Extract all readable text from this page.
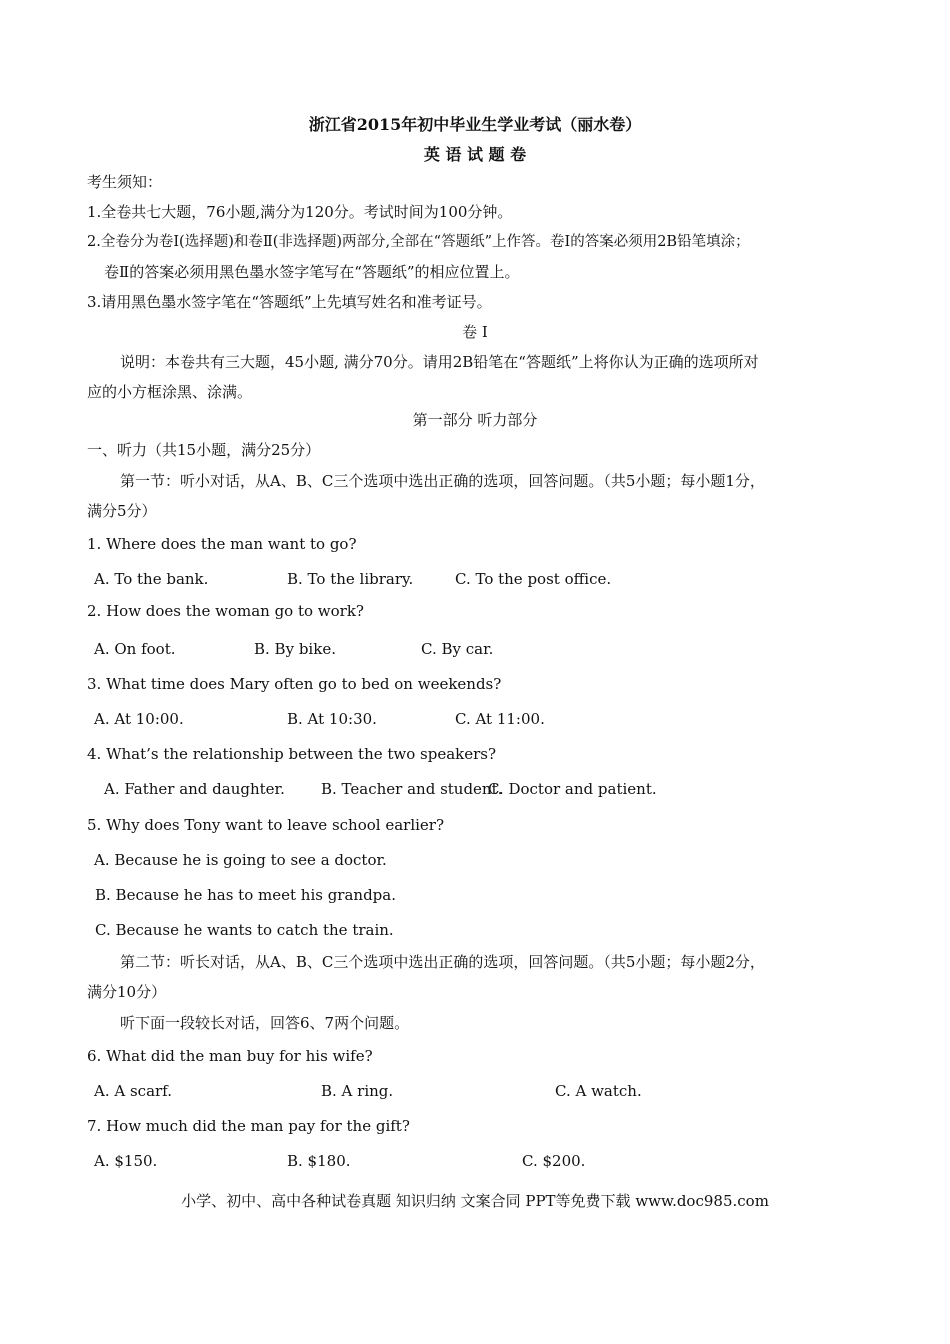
浙江省2015年初中毕业生学业考试（丽水卷）
英 语 试 题 卷
考生须知：
1.全卷共七大题，76小题,满分为120分。考试时间为100分钟。
2.全卷分为卷I(选择题)和卷Ⅱ(非选择题)两部分,全部在“答题纸”上作答。卷I的答案必须用2B铅笔填涂；
卷Ⅱ的答案必须用黑色墨水签字笔写在“答题纸”的相应位置上。
3.请用黑色墨水签字笔在“答题纸”上先填写姓名和准考证号。
卷 Ⅰ
说明：本卷共有三大题，45小题, 满分70分。请用2B铅笔在“答题纸”上将你认为正确的选项所对
应的小方框涂黑、涂满。
第一部分 听力部分
一、听力（共15小题，满分25分）
第一节：听小对话，从A、B、C三个选项中选出正确的选项，回答问题。（共5小题；每小题1分，
满分5分）
1. Where does the man want to go?
A. To the bank.	B. To the library.	C. To the post office.
2. How does the woman go to work?
A. On foot.	B. By bike.	C. By car.
3. What time does Mary often go to bed on weekends?
A. At 10:00.	B. At 10:30.	C. At 11:00.
4. What’s the relationship between the two speakers?
A. Father and daughter. B. Teacher and student.
C. Doctor and patient.
5. Why does Tony want to leave school earlier?
A. Because he is going to see a doctor.
B. Because he has to meet his grandpa.
C. Because he wants to catch the train.
第二节：听长对话，从A、B、C三个选项中选出正确的选项，回答问题。（共5小题；每小题2分，
满分10分）
听下面一段较长对话，回答6、7两个问题。
6. What did the man buy for his wife?
A. A scarf.	B. A ring.	C. A watch.
7. How much did the man pay for the gift?
A. $150.	B. $180.	C. $200.
小学、初中、高中各种试卷真题 知识归纳 文案合同 PPT等免费下载 www.doc985.com
